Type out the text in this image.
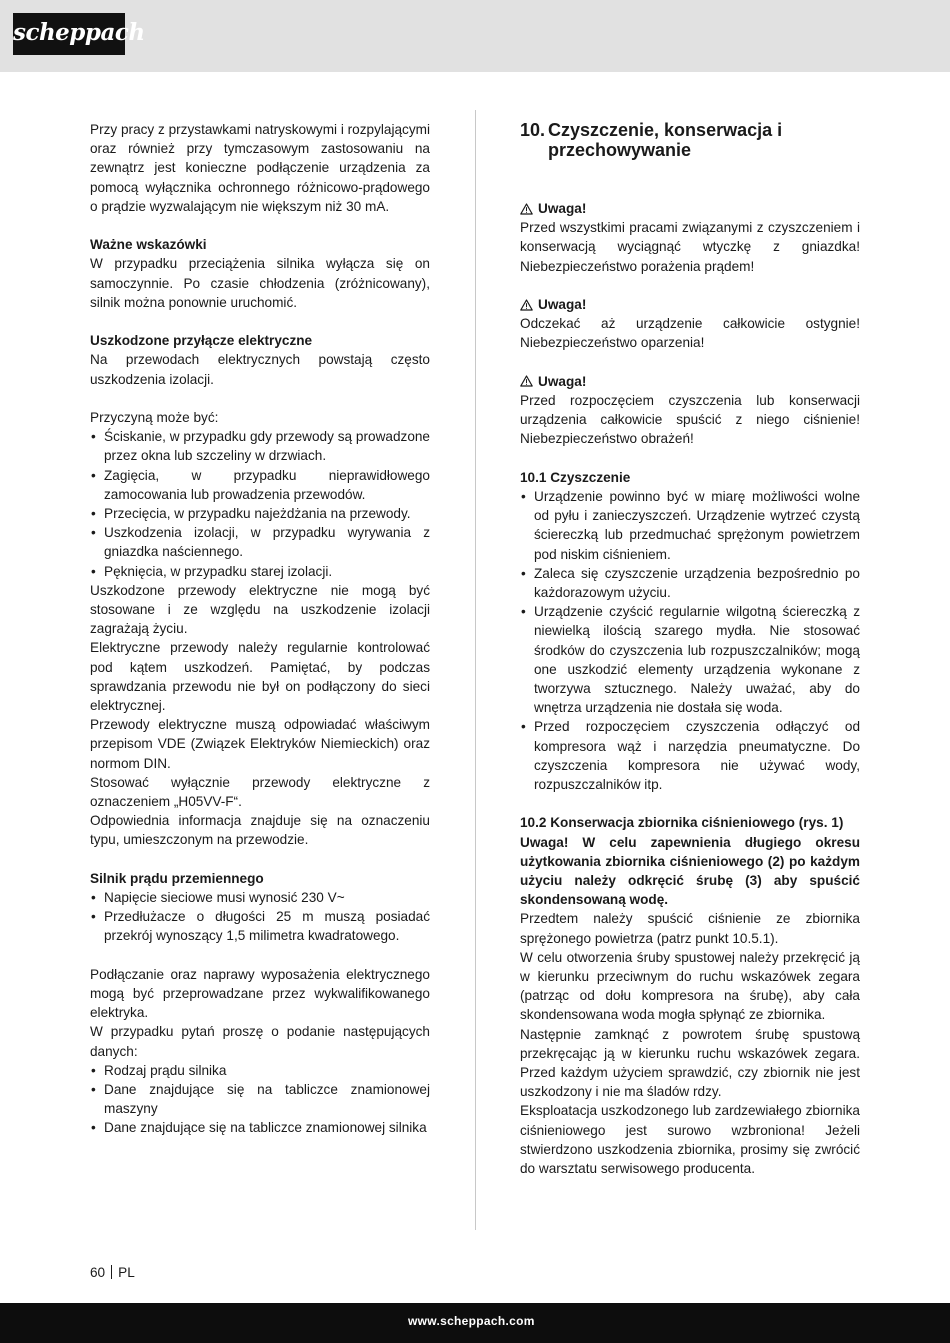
scheppach

Przy pracy z przystawkami natryskowymi i rozpylającymi oraz również przy tymczasowym zastosowaniu na zewnątrz jest konieczne podłączenie urządzenia za pomocą wyłącznika ochronnego różnicowo-prądowego o prądzie wyzwalającym nie większym niż 30 mA.

Ważne wskazówki

W przypadku przeciążenia silnika wyłącza się on samoczynnie. Po czasie chłodzenia (zróżnicowany), silnik można ponownie uruchomić.

Uszkodzone przyłącze elektryczne

Na przewodach elektrycznych powstają często uszkodzenia izolacji.

Przyczyną może być:

• Ściskanie, w przypadku gdy przewody są prowadzone przez okna lub szczeliny w drzwiach.
• Zagięcia, w przypadku nieprawidłowego zamocowania lub prowadzenia przewodów.
• Przecięcia, w przypadku najeżdżania na przewody.
• Uszkodzenia izolacji, w przypadku wyrywania z gniazdka naściennego.
• Pęknięcia, w przypadku starej izolacji.

Uszkodzone przewody elektryczne nie mogą być stosowane i ze względu na uszkodzenie izolacji zagrażają życiu.

Elektryczne przewody należy regularnie kontrolować pod kątem uszkodzeń. Pamiętać, by podczas sprawdzania przewodu nie był on podłączony do sieci elektrycznej.

Przewody elektryczne muszą odpowiadać właściwym przepisom VDE (Związek Elektryków Niemieckich) oraz normom DIN.

Stosować wyłącznie przewody elektryczne z oznaczeniem „H05VV-F“.

Odpowiednia informacja znajduje się na oznaczeniu typu, umieszczonym na przewodzie.

Silnik prądu przemiennego

• Napięcie sieciowe musi wynosić 230 V~
• Przedłużacze o długości 25 m muszą posiadać przekrój wynoszący 1,5 milimetra kwadratowego.

Podłączanie oraz naprawy wyposażenia elektrycznego mogą być przeprowadzane przez wykwalifikowanego elektryka.

W przypadku pytań proszę o podanie następujących danych:

• Rodzaj prądu silnika
• Dane znajdujące się na tabliczce znamionowej maszyny
• Dane znajdujące się na tabliczce znamionowej silnika
10. Czyszczenie, konserwacja i przechowywanie
Uwaga!

Przed wszystkimi pracami związanymi z czyszczeniem i konserwacją wyciągnąć wtyczkę z gniazdka! Niebezpieczeństwo porażenia prądem!

Uwaga!

Odczekać aż urządzenie całkowicie ostygnie! Niebezpieczeństwo oparzenia!

Uwaga!

Przed rozpoczęciem czyszczenia lub konserwacji urządzenia całkowicie spuścić z niego ciśnienie! Niebezpieczeństwo obrażeń!

10.1 Czyszczenie

• Urządzenie powinno być w miarę możliwości wolne od pyłu i zanieczyszczeń. Urządzenie wytrzeć czystą ściereczką lub przedmuchać sprężonym powietrzem pod niskim ciśnieniem.
• Zaleca się czyszczenie urządzenia bezpośrednio po każdorazowym użyciu.
• Urządzenie czyścić regularnie wilgotną ściereczką z niewielką ilością szarego mydła. Nie stosować środków do czyszczenia lub rozpuszczalników; mogą one uszkodzić elementy urządzenia wykonane z tworzywa sztucznego. Należy uważać, aby do wnętrza urządzenia nie dostała się woda.
• Przed rozpoczęciem czyszczenia odłączyć od kompresora wąż i narzędzia pneumatyczne. Do czyszczenia kompresora nie używać wody, rozpuszczalników itp.

10.2 Konserwacja zbiornika ciśnieniowego (rys. 1)

Uwaga! W celu zapewnienia długiego okresu użytkowania zbiornika ciśnieniowego (2) po każdym użyciu należy odkręcić śrubę (3) aby spuścić skondensowaną wodę.

Przedtem należy spuścić ciśnienie ze zbiornika sprężonego powietrza (patrz punkt 10.5.1).

W celu otworzenia śruby spustowej należy przekręcić ją w kierunku przeciwnym do ruchu wskazówek zegara (patrząc od dołu kompresora na śrubę), aby cała skondensowana woda mogła spłynąć ze zbiornika.

Następnie zamknąć z powrotem śrubę spustową przekręcając ją w kierunku ruchu wskazówek zegara. Przed każdym użyciem sprawdzić, czy zbiornik nie jest uszkodzony i nie ma śladów rdzy.

Eksploatacja uszkodzonego lub zardzewiałego zbiornika ciśnieniowego jest surowo wzbroniona! Jeżeli stwierdzono uszkodzenia zbiornika, prosimy się zwrócić do warsztatu serwisowego producenta.

60 PL
www.scheppach.com
